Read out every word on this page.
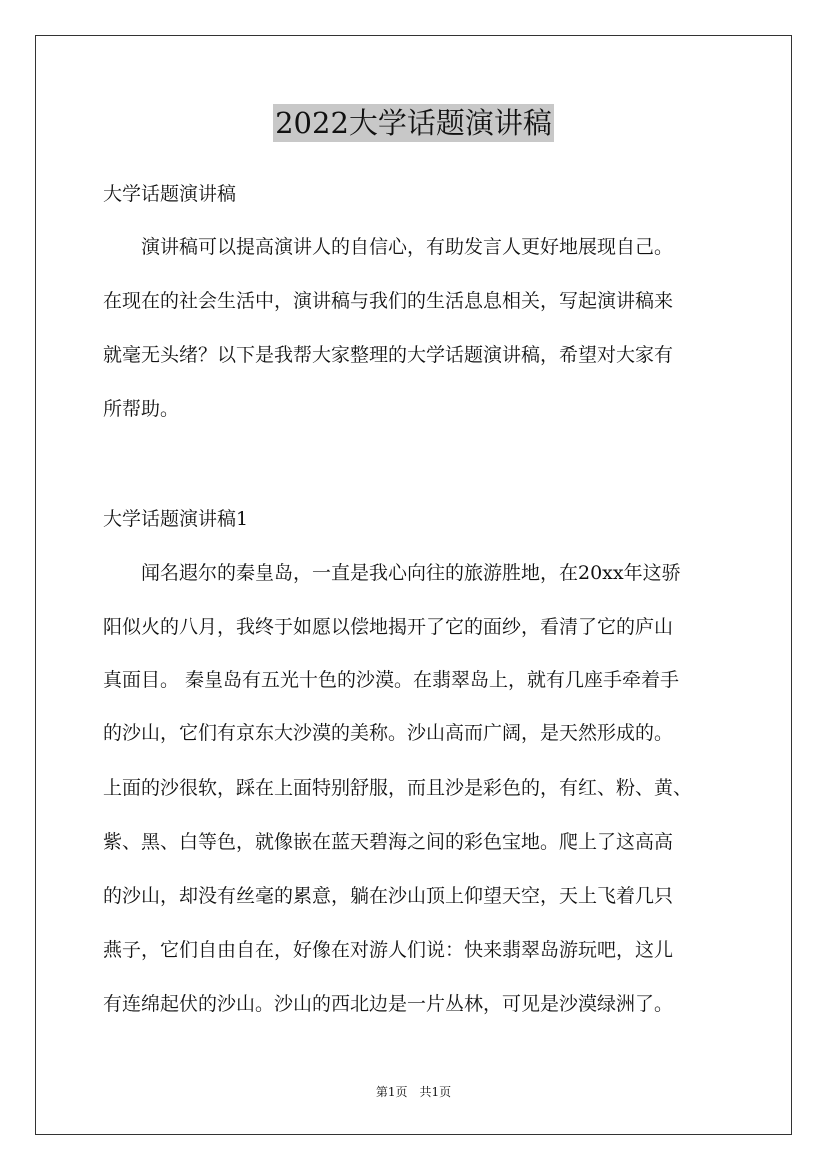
2022大学话题演讲稿
大学话题演讲稿
　　演讲稿可以提高演讲人的自信心，有助发言人更好地展现自己。
在现在的社会生活中，演讲稿与我们的生活息息相关，写起演讲稿来
就毫无头绪？以下是我帮大家整理的大学话题演讲稿，希望对大家有
所帮助。
大学话题演讲稿1
　　闻名遐尔的秦皇岛，一直是我心向往的旅游胜地，在20xx年这骄
阳似火的八月，我终于如愿以偿地揭开了它的面纱，看清了它的庐山
真面目。 秦皇岛有五光十色的沙漠。在翡翠岛上，就有几座手牵着手
的沙山，它们有京东大沙漠的美称。沙山高而广阔，是天然形成的。
上面的沙很软，踩在上面特别舒服，而且沙是彩色的，有红、粉、黄、
紫、黑、白等色，就像嵌在蓝天碧海之间的彩色宝地。爬上了这高高
的沙山，却没有丝毫的累意，躺在沙山顶上仰望天空，天上飞着几只
燕子，它们自由自在，好像在对游人们说：快来翡翠岛游玩吧，这儿
有连绵起伏的沙山。沙山的西北边是一片丛林，可见是沙漠绿洲了。
第1页　共1页
